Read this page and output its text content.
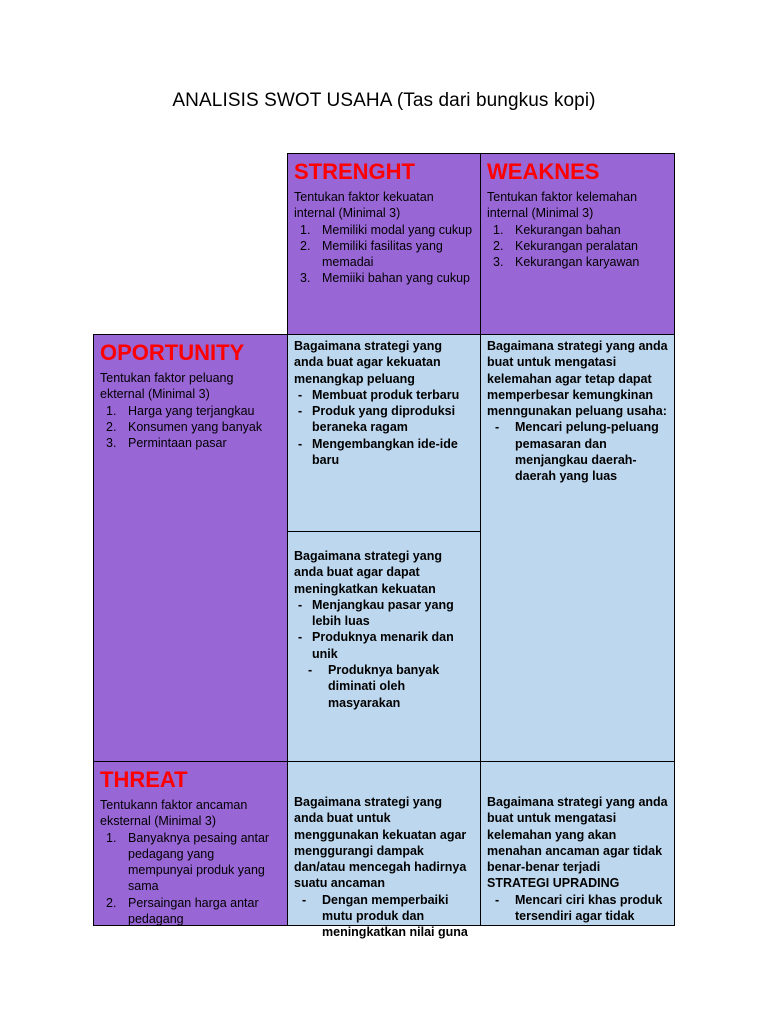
ANALISIS SWOT USAHA (Tas dari bungkus kopi)
STRENGHT
Tentukan faktor kekuatan internal (Minimal 3)
1. Memiliki modal yang cukup
2. Memiliki fasilitas yang memadai
3. Memiiki bahan yang cukup
WEAKNES
Tentukan faktor kelemahan internal (Minimal 3)
1. Kekurangan bahan
2. Kekurangan peralatan
3. Kekurangan karyawan
OPORTUNITY
Tentukan faktor peluang ekternal (Minimal 3)
1. Harga yang terjangkau
2. Konsumen yang banyak
3. Permintaan pasar
Bagaimana strategi yang anda buat agar kekuatan menangkap peluang
- Membuat produk terbaru
- Produk yang diproduksi beraneka ragam
- Mengembangkan ide-ide baru
Bagaimana strategi yang anda buat agar dapat meningkatkan kekuatan
- Menjangkau pasar yang lebih luas
- Produknya menarik dan unik
- Produknya banyak diminati oleh masyarakan
Bagaimana strategi yang anda buat untuk mengatasi kelemahan agar tetap dapat memperbesar kemungkinan menngunakan peluang usaha:
- Mencari pelung-peluang pemasaran dan menjangkau daerah-daerah yang luas
THREAT
Tentukann faktor ancaman eksternal (Minimal 3)
1. Banyaknya pesaing antar pedagang yang mempunyai produk yang sama
2. Persaingan harga antar pedagang
Bagaimana strategi yang anda buat untuk menggunakan kekuatan agar menggurangi dampak dan/atau mencegah hadirnya suatu ancaman
- Dengan memperbaiki mutu produk dan meningkatkan nilai guna
Bagaimana strategi yang anda buat untuk mengatasi kelemahan yang akan menahan ancaman agar tidak benar-benar terjadi
STRATEGI UPRADING
- Mencari ciri khas produk tersendiri agar tidak
